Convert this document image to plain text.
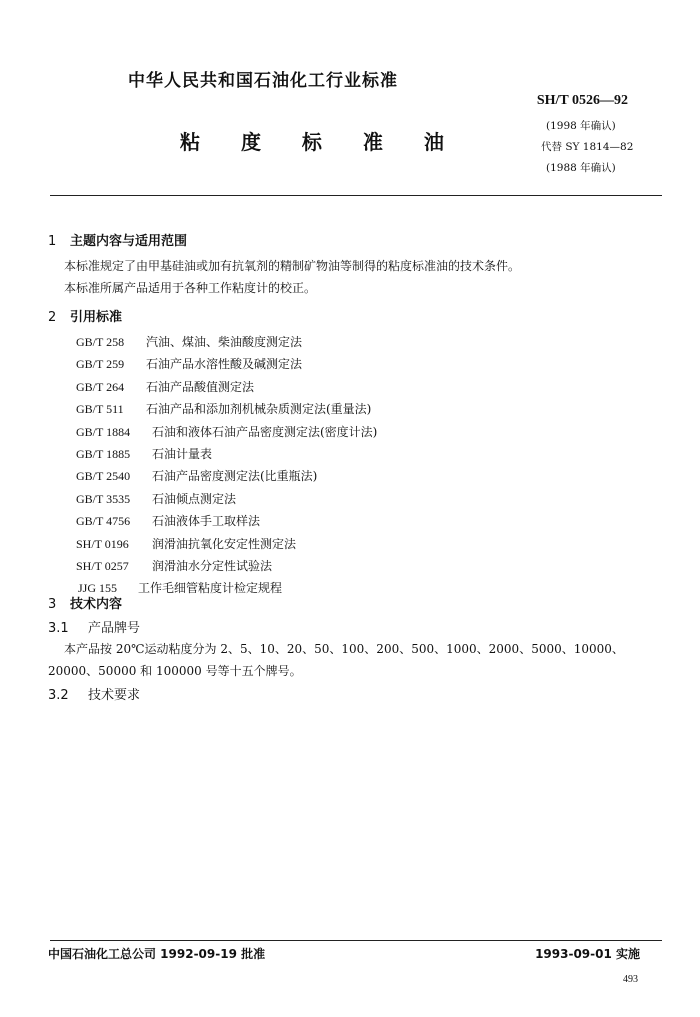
中华人民共和国石油化工行业标准
SH/T 0526—92
粘 度 标 准 油
(1998 年确认)
代替 SY 1814—82
(1988 年确认)
1 主题内容与适用范围
本标准规定了由甲基硅油或加有抗氧剂的精制矿物油等制得的粘度标准油的技术条件。
本标准所属产品适用于各种工作粘度计的校正。
2 引用标准
GB/T 258 汽油、煤油、柴油酸度测定法
GB/T 259 石油产品水溶性酸及碱测定法
GB/T 264 石油产品酸值测定法
GB/T 511 石油产品和添加剂机械杂质测定法(重量法)
GB/T 1884 石油和液体石油产品密度测定法(密度计法)
GB/T 1885 石油计量表
GB/T 2540 石油产品密度测定法(比重瓶法)
GB/T 3535 石油倾点测定法
GB/T 4756 石油液体手工取样法
SH/T 0196 润滑油抗氧化安定性测定法
SH/T 0257 润滑油水分定性试验法
JJG 155 工作毛细管粘度计检定规程
3 技术内容
3.1 产品牌号
本产品按 20℃运动粘度分为 2、5、10、20、50、100、200、500、1000、2000、5000、10000、
20000、50000 和 100000 号等十五个牌号。
3.2 技术要求
中国石油化工总公司 1992-09-19 批准	1993-09-01 实施
493
